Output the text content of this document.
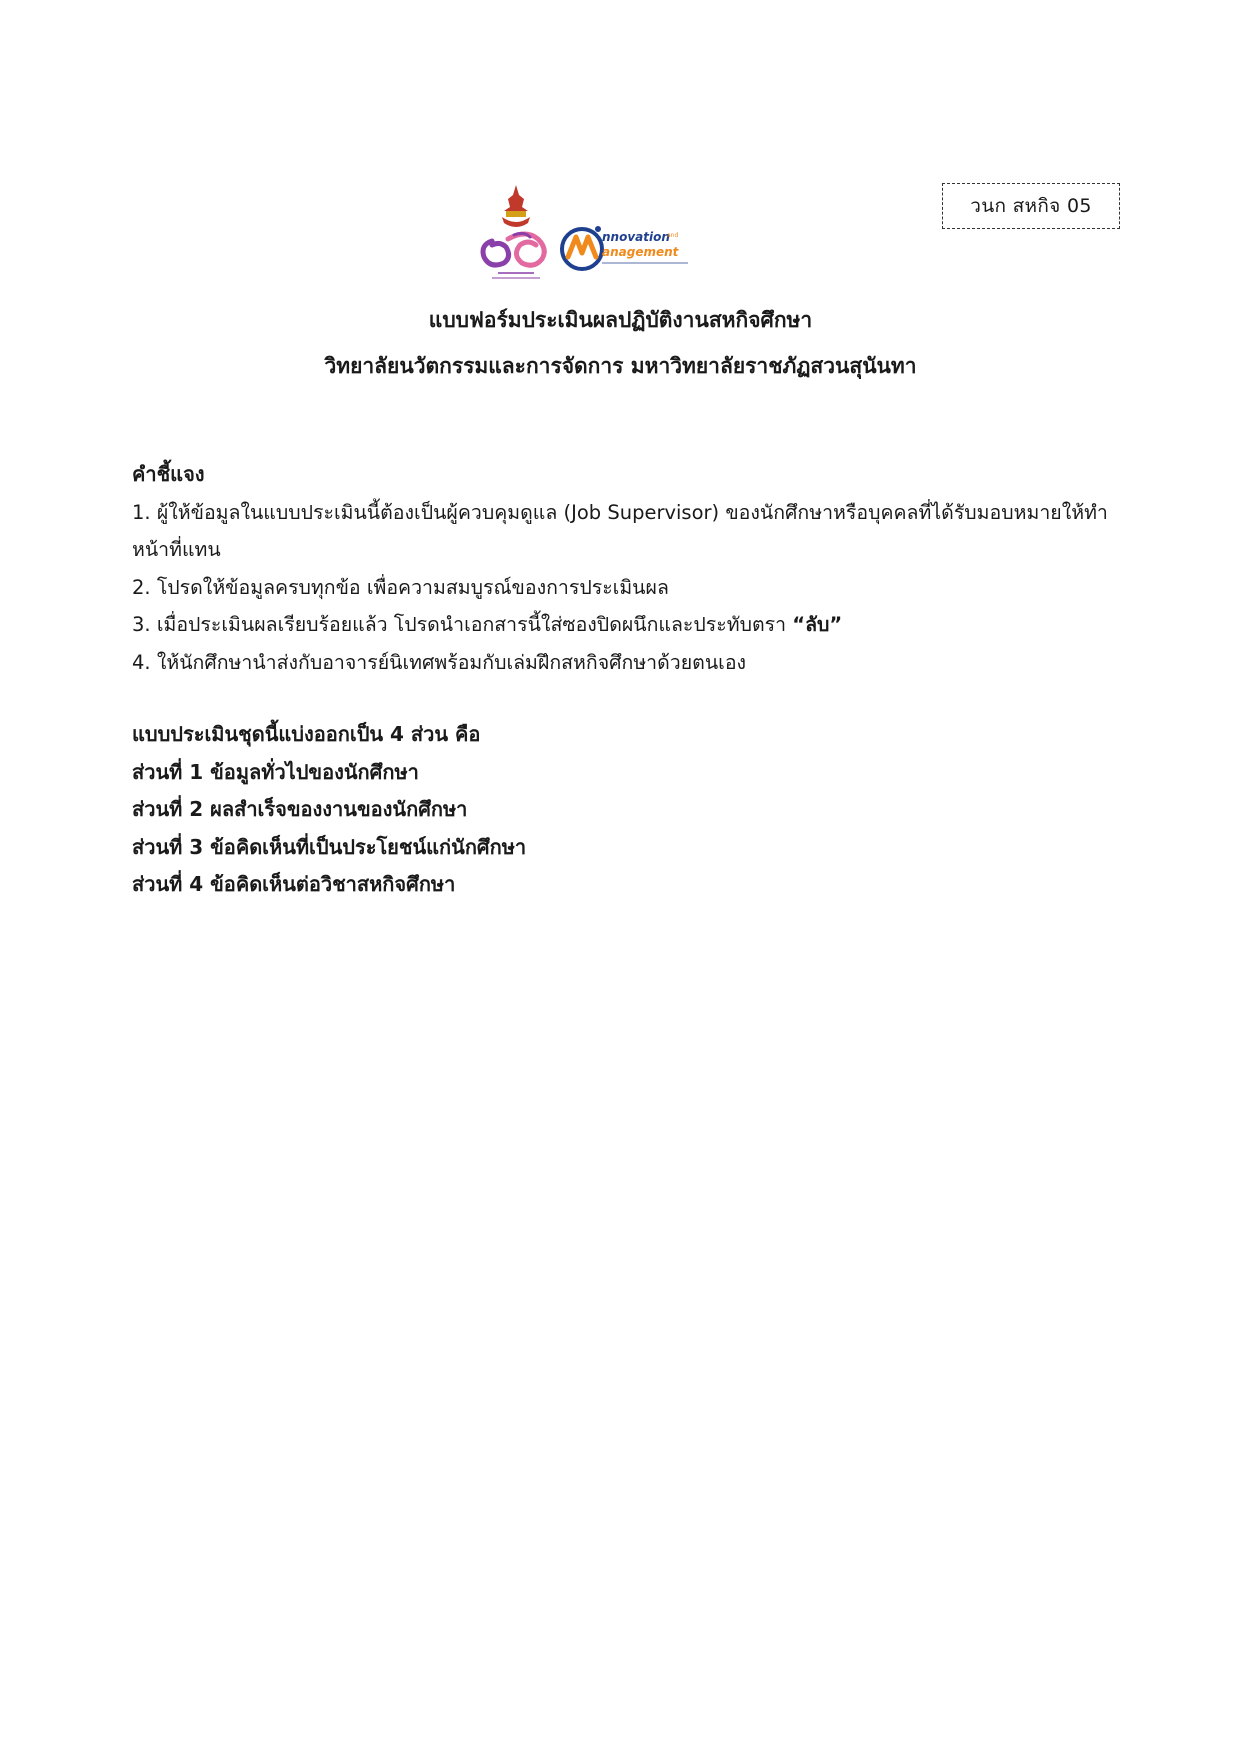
nnovation
and
anagement
วนก สหกิจ 05
แบบฟอร์มประเมินผลปฏิบัติงานสหกิจศึกษา
วิทยาลัยนวัตกรรมและการจัดการ มหาวิทยาลัยราชภัฏสวนสุนันทา
คำชี้แจง

1. ผู้ให้ข้อมูลในแบบประเมินนี้ต้องเป็นผู้ควบคุมดูแล (Job Supervisor) ของนักศึกษาหรือบุคคลที่ได้รับมอบหมายให้ทำหน้าที่แทน

2. โปรดให้ข้อมูลครบทุกข้อ เพื่อความสมบูรณ์ของการประเมินผล

3. เมื่อประเมินผลเรียบร้อยแล้ว โปรดนำเอกสารนี้ใส่ซองปิดผนึกและประทับตรา “ลับ”

4. ให้นักศึกษานำส่งกับอาจารย์นิเทศพร้อมกับเล่มฝึกสหกิจศึกษาด้วยตนเอง

แบบประเมินชุดนี้แบ่งออกเป็น 4 ส่วน คือ

ส่วนที่ 1 ข้อมูลทั่วไปของนักศึกษา

ส่วนที่ 2 ผลสำเร็จของงานของนักศึกษา

ส่วนที่ 3 ข้อคิดเห็นที่เป็นประโยชน์แก่นักศึกษา

ส่วนที่ 4 ข้อคิดเห็นต่อวิชาสหกิจศึกษา
